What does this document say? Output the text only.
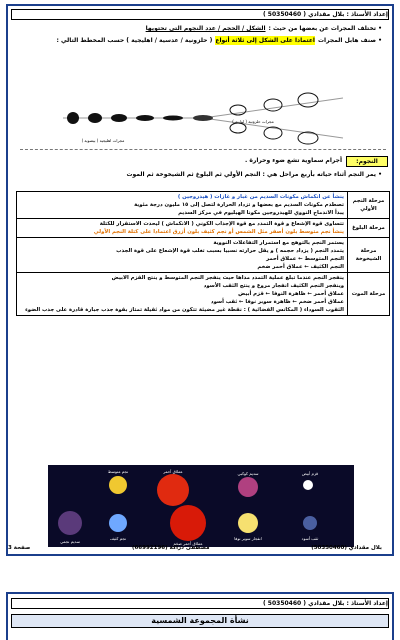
إعداد الأستاذ : بلال مقدادي ( 50350460 )
• تختلف المجرات عن بعضها من حيث :
الشكل / الحجم / عدد النجوم التي تحتويها
• صنف هابل المجرات
اعتمادا على الشكل إلى ثلاثة أنواع
( حلزونية / عدسية / اهليجية ) حسب المخطط التالي :
مجرات حلزونية ( لولبية )
مجرات اهليجية ( بيضوية )
النجوم:
أجرام سماوية تشع ضوء وحرارة .
• يمر النجم أثناء حياته بأربع مراحل هي : النجم الأولي ثم البلوغ ثم الشيخوخة ثم الموت
مرحلة النجم الأولي	ينشأ عن انكماش مكونات السديم من غبار و غازات ( هيدروجين )
تصطدم مكونات السديم مع بعضها و تزداد الحرارة لتصل إلى ١٥ مليون درجة مئوية
يبدأ الاندماج النووي للهيدروجين مكونا الهيليوم في مركز السديم

مرحلة البلوغ	تتساوى قوة الإشعاع و قوة التمدد مع قوة الإجذاب الكوني ( الانكماش ) ليحدث الاستقرار للكتلة
ينشأ نجم متوسط بلون أصفر مثل الشمس أو نجم كثيف بلون أزرق اعتمادا على كتلة النجم الأولي

مرحلة الشيخوخة	يستمر النجم بالتوهج مع استمرار التفاعلات النووية
يتمدد النجم ( يزداد حجمه ) و يقل حرارته نسبيا بسبب تغلب قوة الإشعاع على قوة الجذب
النجم المتوسط ← عملاق أحمر
النجم الكثيف ← عملاق أحمر ضخم

مرحلة الموت	ينفجر النجم عندما تبلغ عملية التمدد مداها حيث ينفجر النجم المتوسط و ينتج القزم الابيض
وينفجر النجم الكثيف انفجار مروع و ينتج الثقب الأسود
عملاق أحمر ← ظاهرة النوفا ← قزم أبيض
عملاق أحمر ضخم ← ظاهرة سوبر نوفا ← ثقب أسود
الثقوب السوداء ( المكانس الفضائية ) : نقطة غير مضيئة تتكون من مواد ثقيلة تمتاز بقوة جذب جبارة قادرة على جذب الضوء
سديم كوكبي	قزم أبيض
عملاق أحمر
نجم متوسط
سديم نجمي
نجم كثيف
عملاق أحمر ضخم
انفجار سوبر نوفا	ثقب أسود
بلال مقدادي (50350460)
مصطفى دراكة (66992196)
صفحة 3
إعداد الأستاذ : بلال مقدادي ( 50350460 )
نشأة المجموعة الشمسية
